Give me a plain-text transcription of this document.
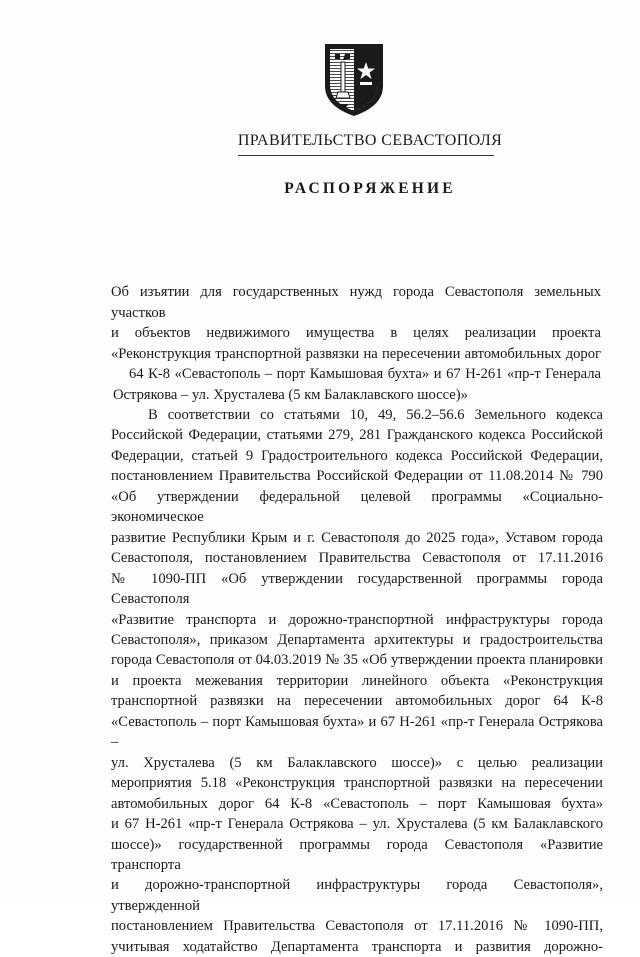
ПРАВИТЕЛЬСТВО СЕВАСТОПОЛЯ
РАСПОРЯЖЕНИЕ
Об изъятии для государственных нужд города Севастополя земельных участков
и объектов недвижимого имущества в целях реализации проекта
«Реконструкция транспортной развязки на пересечении автомобильных дорог
64 К-8 «Севастополь – порт Камышовая бухта» и 67 Н-261 «пр-т Генерала
Острякова – ул. Хрусталева (5 км Балаклавского шоссе)»
В соответствии со статьями 10, 49, 56.2–56.6 Земельного кодекса
Российской Федерации, статьями 279, 281 Гражданского кодекса Российской
Федерации, статьей 9 Градостроительного кодекса Российской Федерации,
постановлением Правительства Российской Федерации от 11.08.2014 № 790
«Об утверждении федеральной целевой программы «Социально-экономическое
развитие Республики Крым и г. Севастополя до 2025 года», Уставом города
Севастополя, постановлением Правительства Севастополя от 17.11.2016
№ 1090-ПП «Об утверждении государственной программы города Севастополя
«Развитие транспорта и дорожно-транспортной инфраструктуры города
Севастополя», приказом Департамента архитектуры и градостроительства
города Севастополя от 04.03.2019 № 35 «Об утверждении проекта планировки
и проекта межевания территории линейного объекта «Реконструкция
транспортной развязки на пересечении автомобильных дорог 64 К-8
«Севастополь – порт Камышовая бухта» и 67 Н-261 «пр-т Генерала Острякова –
ул. Хрусталева (5 км Балаклавского шоссе)» с целью реализации
мероприятия 5.18 «Реконструкция транспортной развязки на пересечении
автомобильных дорог 64 К-8 «Севастополь – порт Камышовая бухта»
и 67 Н-261 «пр-т Генерала Острякова – ул. Хрусталева (5 км Балаклавского
шоссе)» государственной программы города Севастополя «Развитие транспорта
и дорожно-транспортной инфраструктуры города Севастополя», утвержденной
постановлением Правительства Севастополя от 17.11.2016 № 1090-ПП,
учитывая ходатайство Департамента транспорта и развития дорожно-
